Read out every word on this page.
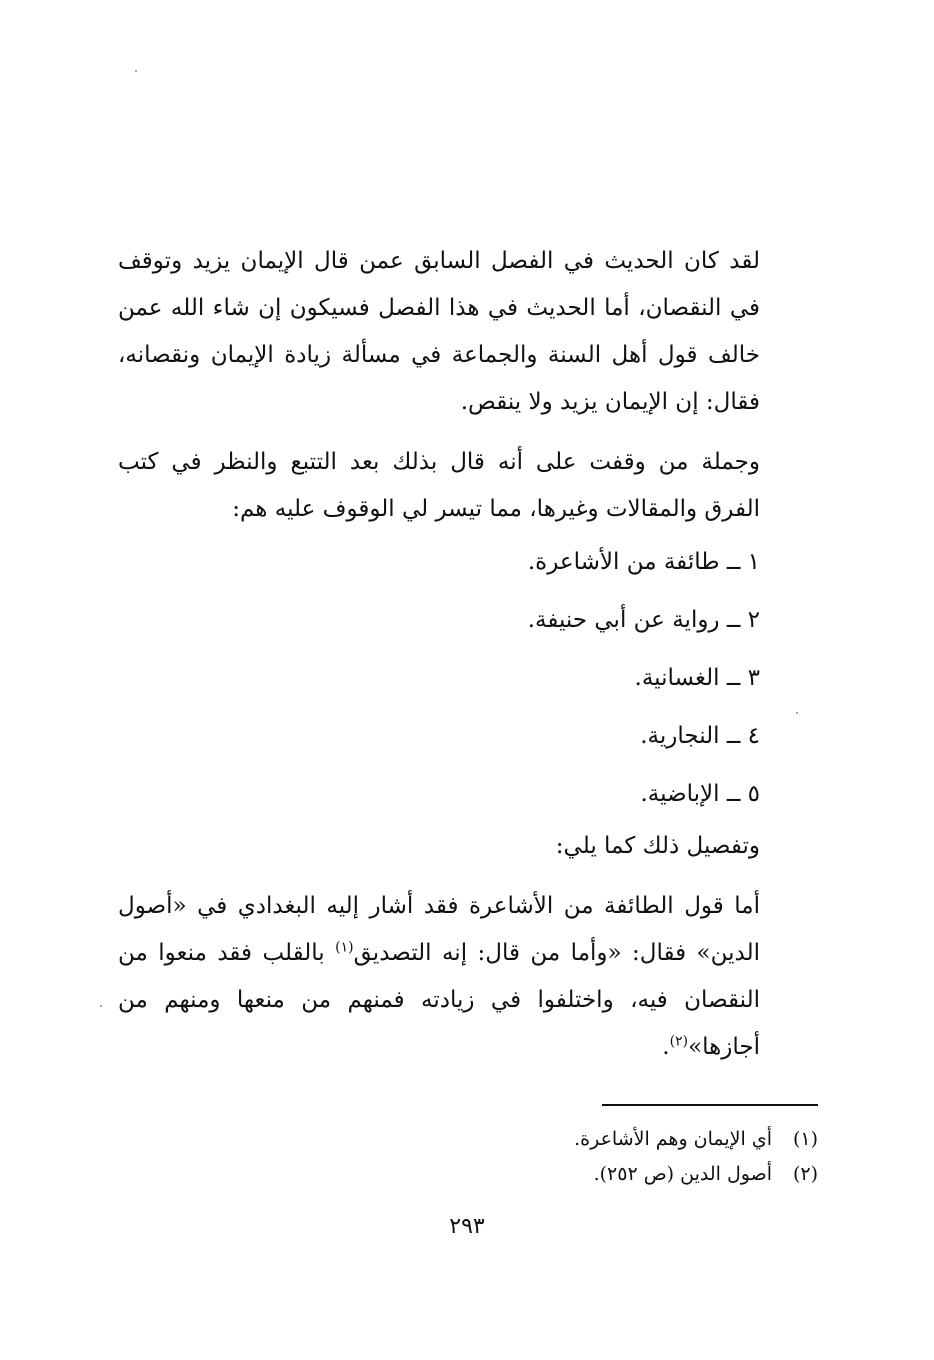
لقد كان الحديث في الفصل السابق عمن قال الإيمان يزيد وتوقف في النقصان، أما الحديث في هذا الفصل فسيكون إن شاء الله عمن خالف قول أهل السنة والجماعة في مسألة زيادة الإيمان ونقصانه، فقال: إن الإيمان يزيد ولا ينقص.

وجملة من وقفت على أنه قال بذلك بعد التتبع والنظر في كتب الفرق والمقالات وغيرها، مما تيسر لي الوقوف عليه هم:

١ ــ طائفة من الأشاعرة.

٢ ــ رواية عن أبي حنيفة.

٣ ــ الغسانية.

٤ ــ النجارية.

٥ ــ الإباضية.

وتفصيل ذلك كما يلي:

أما قول الطائفة من الأشاعرة فقد أشار إليه البغدادي في «أصول الدين» فقال: «وأما من قال: إنه التصديق$^{(١)}$ بالقلب فقد منعوا من النقصان فيه، واختلفوا في زيادته فمنهم من منعها ومنهم من أجازها»$^{(٢)}$.

(١)أي الإيمان وهم الأشاعرة.

(٢)أصول الدين (ص ٢٥٢).

٢٩٣
